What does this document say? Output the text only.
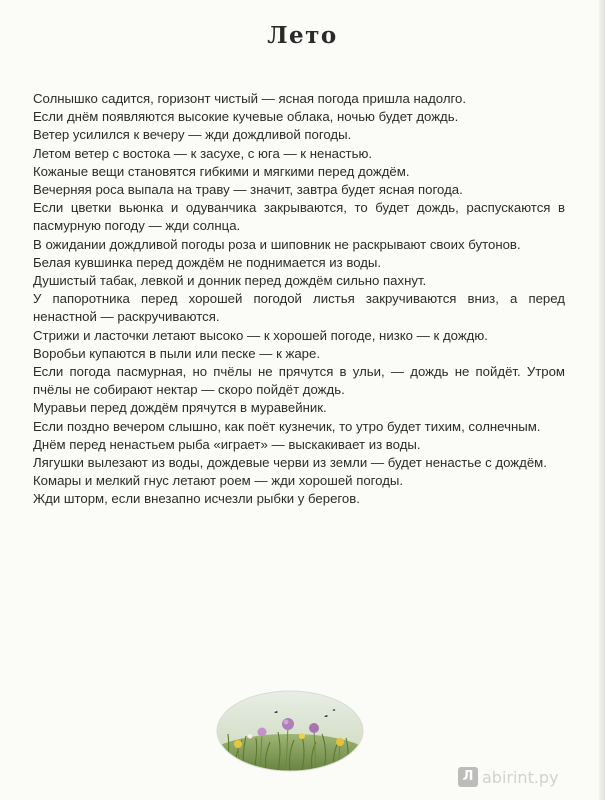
Лето

Солнышко садится, горизонт чистый — ясная погода пришла надолго.

Если днём появляются высокие кучевые облака, ночью будет дождь.

Ветер усилился к вечеру — жди дождливой погоды.

Летом ветер с востока — к засухе, с юга — к ненастью.

Кожаные вещи становятся гибкими и мягкими перед дождём.

Вечерняя роса выпала на траву — значит, завтра будет ясная погода.

Если цветки вьюнка и одуванчика закрываются, то будет дождь, распускаются в пасмурную погоду — жди солнца.

В ожидании дождливой погоды роза и шиповник не раскрывают своих бутонов.

Белая кувшинка перед дождём не поднимается из воды.

Душистый табак, левкой и донник перед дождём сильно пахнут.

У папоротника перед хорошей погодой листья закручиваются вниз, а перед ненастной — раскручиваются.

Стрижи и ласточки летают высоко — к хорошей погоде, низко — к дождю.

Воробьи купаются в пыли или песке — к жаре.

Если погода пасмурная, но пчёлы не прячутся в ульи, — дождь не пойдёт. Утром пчёлы не собирают нектар — скоро пойдёт дождь.

Муравьи перед дождём прячутся в муравейник.

Если поздно вечером слышно, как поёт кузнечик, то утро будет тихим, солнечным.

Днём перед ненастьем рыба «играет» — выскакивает из воды.

Лягушки вылезают из воды, дождевые черви из земли — будет ненастье с дождём.

Комары и мелкий гнус летают роем — жди хорошей погоды.

Жди шторм, если внезапно исчезли рыбки у берегов.

Л abirint.ру
